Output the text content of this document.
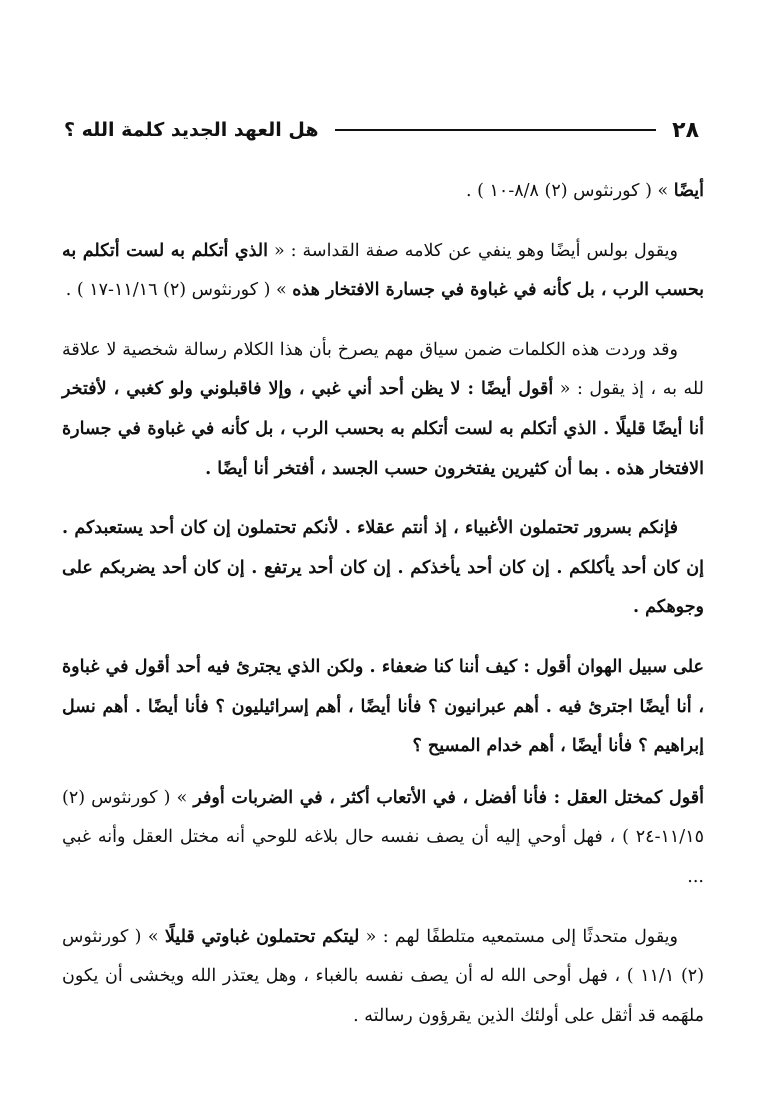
٢٨
هل العهد الجديد كلمة الله ؟

أيضًا » ( كورنثوس (٢) ٨/٨-١٠ ) .

ويقول بولس أيضًا وهو ينفي عن كلامه صفة القداسة : « الذي أتكلم به لست أتكلم به بحسب الرب ، بل كأنه في غباوة في جسارة الافتخار هذه » ( كورنثوس (٢) ١١/١٦-١٧ ) .

وقد وردت هذه الكلمات ضمن سياق مهم يصرخ بأن هذا الكلام رسالة شخصية لا علاقة لله به ، إذ يقول : « أقول أيضًا : لا يظن أحد أني غبي ، وإلا فاقبلوني ولو كغبي ، لأفتخر أنا أيضًا قليلًا . الذي أتكلم به لست أتكلم به بحسب الرب ، بل كأنه في غباوة في جسارة الافتخار هذه . بما أن كثيرين يفتخرون حسب الجسد ، أفتخر أنا أيضًا .

فإنكم بسرور تحتملون الأغبياء ، إذ أنتم عقلاء . لأنكم تحتملون إن كان أحد يستعبدكم . إن كان أحد يأكلكم . إن كان أحد يأخذكم . إن كان أحد يرتفع . إن كان أحد يضربكم على وجوهكم .

على سبيل الهوان أقول : كيف أننا كنا ضعفاء . ولكن الذي يجترئ فيه أحد أقول في غباوة ، أنا أيضًا اجترئ فيه . أهم عبرانيون ؟ فأنا أيضًا ، أهم إسرائيليون ؟ فأنا أيضًا . أهم نسل إبراهيم ؟ فأنا أيضًا ، أهم خدام المسيح ؟

أقول كمختل العقل : فأنا أفضل ، في الأتعاب أكثر ، في الضربات أوفر » ( كورنثوس (٢) ١١/١٥-٢٤ ) ، فهل أوحي إليه أن يصف نفسه حال بلاغه للوحي أنه مختل العقل وأنه غبي ...

ويقول متحدثًا إلى مستمعيه متلطفًا لهم : « ليتكم تحتملون غباوتي قليلًا » ( كورنثوس (٢) ١١/١ ) ، فهل أوحى الله له أن يصف نفسه بالغباء ، وهل يعتذر الله ويخشى أن يكون ملهَمه قد أثقل على أولئك الذين يقرؤون رسالته .
